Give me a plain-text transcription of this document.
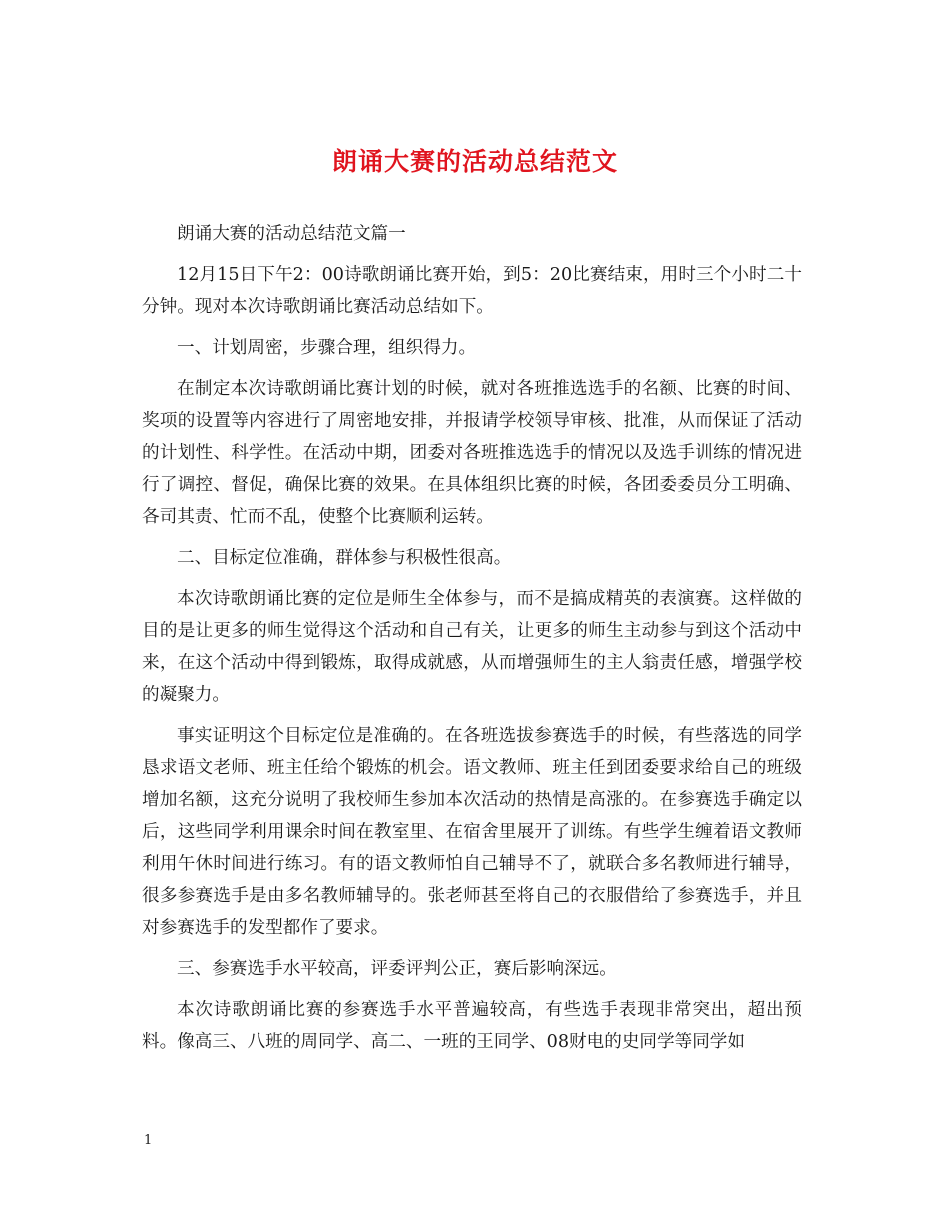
朗诵大赛的活动总结范文

朗诵大赛的活动总结范文篇一

12月15日下午2：00诗歌朗诵比赛开始，到5：20比赛结束，用时三个小时二十分钟。现对本次诗歌朗诵比赛活动总结如下。

一、计划周密，步骤合理，组织得力。

在制定本次诗歌朗诵比赛计划的时候，就对各班推选选手的名额、比赛的时间、奖项的设置等内容进行了周密地安排，并报请学校领导审核、批准，从而保证了活动的计划性、科学性。在活动中期，团委对各班推选选手的情况以及选手训练的情况进行了调控、督促，确保比赛的效果。在具体组织比赛的时候，各团委委员分工明确、各司其责、忙而不乱，使整个比赛顺利运转。

二、目标定位准确，群体参与积极性很高。

本次诗歌朗诵比赛的定位是师生全体参与，而不是搞成精英的表演赛。这样做的目的是让更多的师生觉得这个活动和自己有关，让更多的师生主动参与到这个活动中来，在这个活动中得到锻炼，取得成就感，从而增强师生的主人翁责任感，增强学校的凝聚力。

事实证明这个目标定位是准确的。在各班选拔参赛选手的时候，有些落选的同学恳求语文老师、班主任给个锻炼的机会。语文教师、班主任到团委要求给自己的班级增加名额，这充分说明了我校师生参加本次活动的热情是高涨的。在参赛选手确定以后，这些同学利用课余时间在教室里、在宿舍里展开了训练。有些学生缠着语文教师利用午休时间进行练习。有的语文教师怕自己辅导不了，就联合多名教师进行辅导，很多参赛选手是由多名教师辅导的。张老师甚至将自己的衣服借给了参赛选手，并且对参赛选手的发型都作了要求。

三、参赛选手水平较高，评委评判公正，赛后影响深远。

本次诗歌朗诵比赛的参赛选手水平普遍较高，有些选手表现非常突出，超出预料。像高三、八班的周同学、高二、一班的王同学、08财电的史同学等同学如

1
